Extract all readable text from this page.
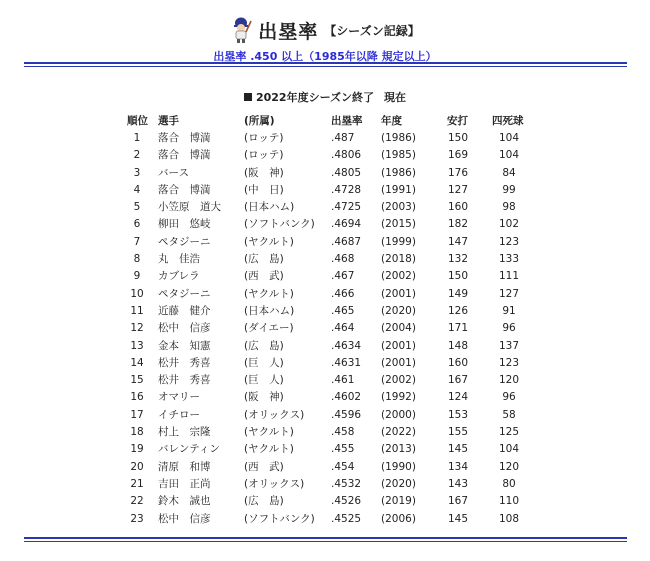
出塁率 【シーズン記録】
出塁率 .450 以上（1985年以降 規定以上）
2022年度シーズン終了 現在
順位 選手	(所属)	出塁率 年度	安打 四死球
1	落合　博満	(ロッテ)	.487	(1986)	150	104
2	落合　博満	(ロッテ)	.4806 (1985)	169	104
3	バース	(阪　神)	.4805 (1986)	176	84
4	落合　博満	(中　日)	.4728 (1991)	127	99
5	小笠原　道大 (日本ハム)	.4725 (2003)	160	98
6	柳田　悠岐	(ソフトバンク) .4694 (2015)	182	102
7	ペタジーニ	(ヤクルト)	.4687 (1999)	147	123
8	丸　佳浩	(広　島)	.468	(2018)	132	133
9	カブレラ	(西　武)	.467	(2002)	150	111
10	ペタジーニ	(ヤクルト)	.466	(2001)	149	127
11	近藤　健介	(日本ハム)	.465	(2020)	126	91
12	松中　信彦	(ダイエー)	.464	(2004)	171	96
13	金本　知憲	(広　島)	.4634 (2001)	148	137
14	松井　秀喜	(巨　人)	.4631 (2001)	160	123
15	松井　秀喜	(巨　人)	.461	(2002)	167	120
16	オマリー	(阪　神)	.4602 (1992)	124	96
17	イチロー	(オリックス)	.4596 (2000)	153	58
18	村上　宗隆	(ヤクルト)	.458	(2022)	155	125
19	バレンティン (ヤクルト)	.455	(2013)	145	104
20	清原　和博	(西　武)	.454	(1990)	134	120
21	吉田　正尚	(オリックス)	.4532 (2020)	143	80
22	鈴木　誠也	(広　島)	.4526 (2019)	167	110
23	松中　信彦	(ソフトバンク) .4525 (2006)	145	108
